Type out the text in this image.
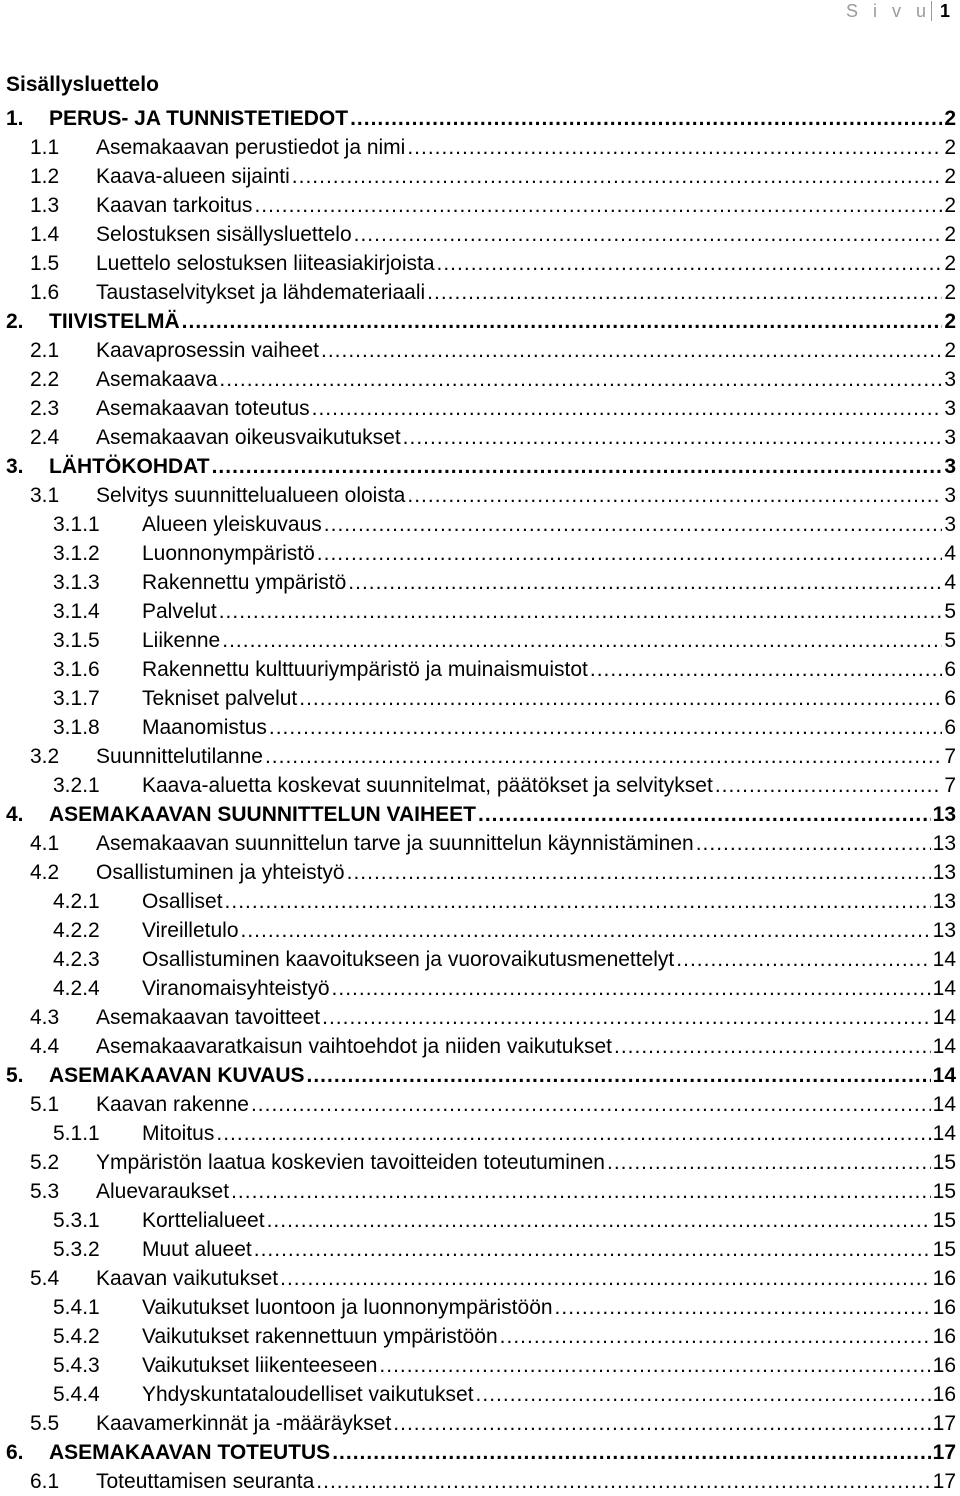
S i v u 1
Sisällysluettelo
1.	PERUS- JA TUNNISTETIEDOT .....	2
1.1	Asemakaavan perustiedot ja nimi .....	2
1.2	Kaava-alueen sijainti .....	2
1.3	Kaavan tarkoitus .....	2
1.4	Selostuksen sisällysluettelo .....	2
1.5	Luettelo selostuksen liiteasiakirjoista .....	2
1.6	Taustaselvitykset ja lähdemateriaali .....	2
2.	TIIVISTELMÄ .....	2
2.1	Kaavaprosessin vaiheet .....	2
2.2	Asemakaava .....	3
2.3	Asemakaavan toteutus .....	3
2.4	Asemakaavan oikeusvaikutukset .....	3
3.	LÄHTÖKOHDAT .....	3
3.1	Selvitys suunnittelualueen oloista .....	3
3.1.1	Alueen yleiskuvaus .....	3
3.1.2	Luonnonympäristö .....	4
3.1.3	Rakennettu ympäristö .....	4
3.1.4	Palvelut .....	5
3.1.5	Liikenne .....	5
3.1.6	Rakennettu kulttuuriympäristö ja muinaismuistot .....	6
3.1.7	Tekniset palvelut .....	6
3.1.8	Maanomistus .....	6
3.2	Suunnittelutilanne .....	7
3.2.1	Kaava-aluetta koskevat suunnitelmat, päätökset ja selvitykset .....	7
4.	ASEMAKAAVAN SUUNNITTELUN VAIHEET .....	13
4.1	Asemakaavan suunnittelun tarve ja suunnittelun käynnistäminen .....	13
4.2	Osallistuminen ja yhteistyö .....	13
4.2.1	Osalliset .....	13
4.2.2	Vireilletulo .....	13
4.2.3	Osallistuminen kaavoitukseen ja vuorovaikutusmenettelyt .....	14
4.2.4	Viranomaisyhteistyö .....	14
4.3	Asemakaavan tavoitteet .....	14
4.4	Asemakaavaratkaisun vaihtoehdot ja niiden vaikutukset .....	14
5.	ASEMAKAAVAN KUVAUS .....	14
5.1	Kaavan rakenne .....	14
5.1.1	Mitoitus .....	14
5.2	Ympäristön laatua koskevien tavoitteiden toteutuminen .....	15
5.3	Aluevaraukset .....	15
5.3.1	Korttelialueet .....	15
5.3.2	Muut alueet .....	15
5.4	Kaavan vaikutukset .....	16
5.4.1	Vaikutukset luontoon ja luonnonympäristöön .....	16
5.4.2	Vaikutukset rakennettuun ympäristöön .....	16
5.4.3	Vaikutukset liikenteeseen .....	16
5.4.4	Yhdyskuntataloudelliset vaikutukset .....	16
5.5	Kaavamerkinnät ja -määräykset .....	17
6.	ASEMAKAAVAN TOTEUTUS .....	17
6.1	Toteuttamisen seuranta .....	17
